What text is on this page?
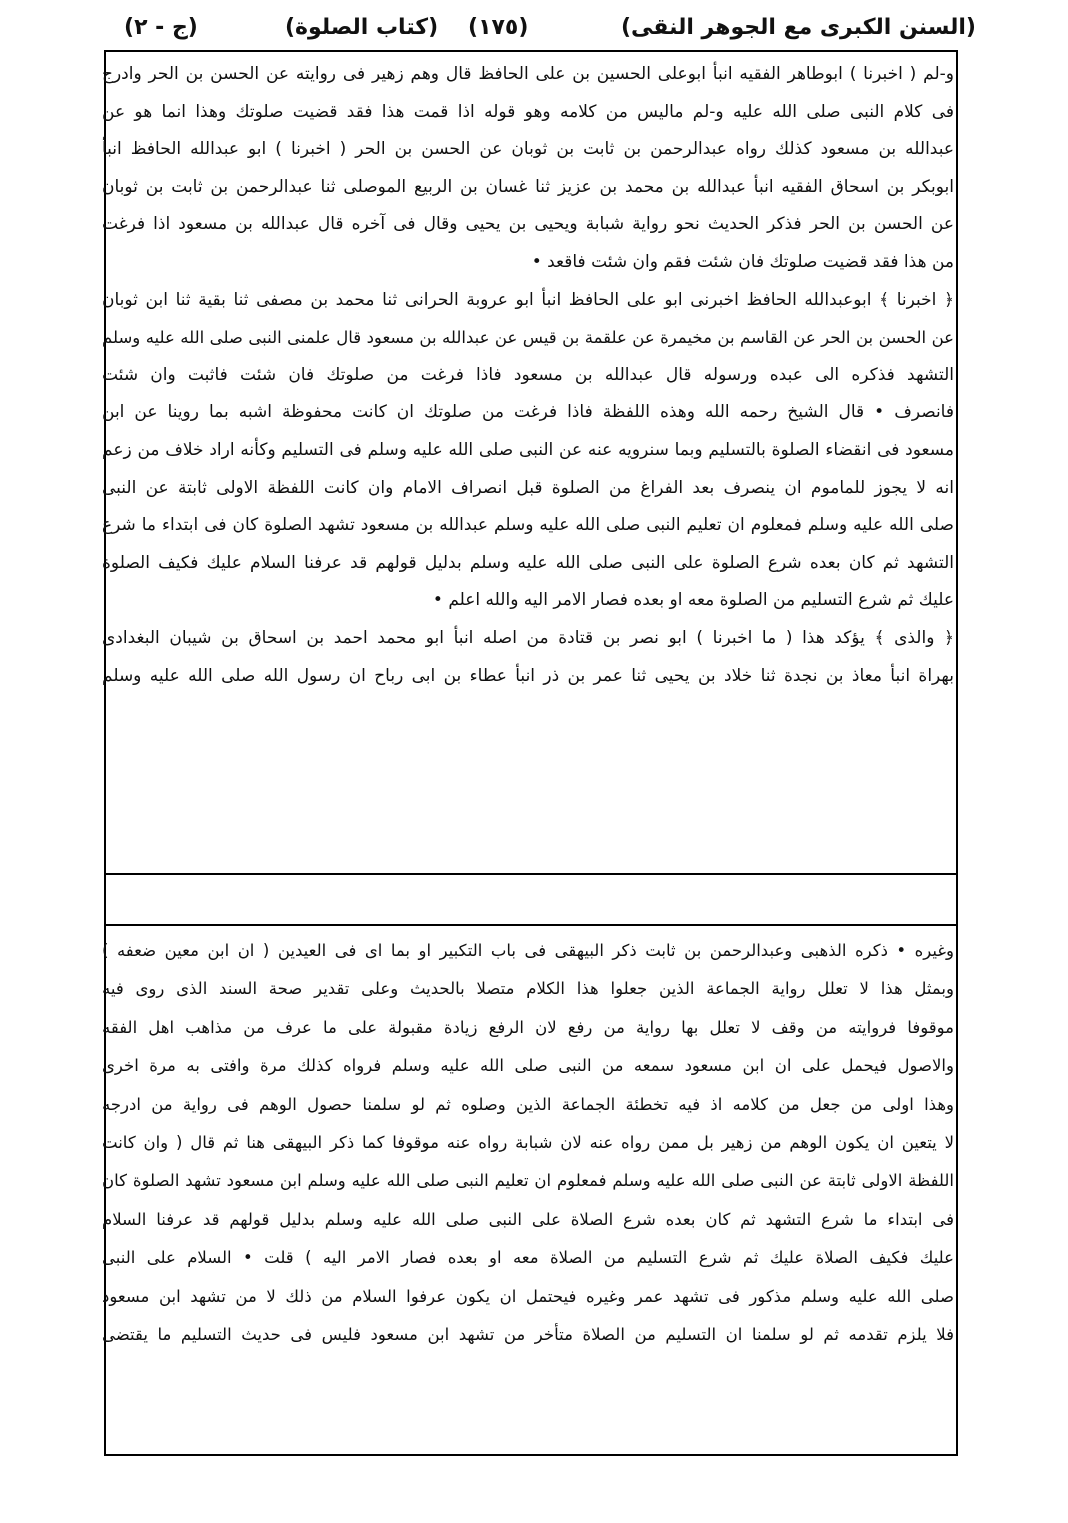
(السنن الكبرى مع الجوهر النقى)
(١٧٥)
(كتاب الصلوة)
(ج - ٢)
و-لم ( اخبرنا ) ابوطاهر الفقيه انبأ ابوعلى الحسين بن على الحافظ قال وهم زهير فى روايته عن الحسن بن الحر وادرج
فى كلام النبى صلى الله عليه و-لم ماليس من كلامه وهو قوله اذا قمت هذا فقد قضيت صلوتك وهذا انما هو عن
عبدالله بن مسعود كذلك رواه عبدالرحمن بن ثابت بن ثوبان عن الحسن بن الحر ( اخبرنا ) ابو عبدالله الحافظ انبأ
ابوبكر بن اسحاق الفقيه انبأ عبدالله بن محمد بن عزيز ثنا غسان بن الربيع الموصلى ثنا عبدالرحمن بن ثابت بن ثوبان
عن الحسن بن الحر فذكر الحديث نحو رواية شبابة ويحيى بن يحيى وقال فى آخره قال عبدالله بن مسعود اذا فرغت
من هذا فقد قضيت صلوتك فان شئت فقم وان شئت فاقعد •
﴿ اخبرنا ﴾ ابوعبدالله الحافظ اخبرنى ابو على الحافظ انبأ ابو عروبة الحرانى ثنا محمد بن مصفى ثنا بقية ثنا ابن ثوبان
عن الحسن بن الحر عن القاسم بن مخيمرة عن علقمة بن قيس عن عبدالله بن مسعود قال علمنى النبى صلى الله عليه وسلم
التشهد فذكره الى عبده ورسوله قال عبدالله بن مسعود فاذا فرغت من صلوتك فان شئت فاثبت وان شئت
فانصرف • قال الشيخ رحمه الله وهذه اللفظة فاذا فرغت من صلوتك ان كانت محفوظة اشبه بما روينا عن ابن
مسعود فى انقضاء الصلوة بالتسليم وبما سنرويه عنه عن النبى صلى الله عليه وسلم فى التسليم وكأنه اراد خلاف من زعم
انه لا يجوز للماموم ان ينصرف بعد الفراغ من الصلوة قبل انصراف الامام وان كانت اللفظة الاولى ثابتة عن النبى
صلى الله عليه وسلم فمعلوم ان تعليم النبى صلى الله عليه وسلم عبدالله بن مسعود تشهد الصلوة كان فى ابتداء ما شرع
التشهد ثم كان بعده شرع الصلوة على النبى صلى الله عليه وسلم بدليل قولهم قد عرفنا السلام عليك فكيف الصلوة
عليك ثم شرع التسليم من الصلوة معه او بعده فصار الامر اليه والله اعلم •
﴿ والذى ﴾ يؤكد هذا ( ما اخبرنا ) ابو نصر بن قتادة من اصله انبأ ابو محمد احمد بن اسحاق بن شيبان البغدادى
بهراة انبأ معاذ بن نجدة ثنا خلاد بن يحيى ثنا عمر بن ذر انبأ عطاء بن ابى رباح ان رسول الله صلى الله عليه وسلم
وغيره • ذكره الذهبى وعبدالرحمن بن ثابت ذكر البيهقى فى باب التكبير او بما اى فى العيدين ( ان ابن معين ضعفه )
وبمثل هذا لا تعلل رواية الجماعة الذين جعلوا هذا الكلام متصلا بالحديث وعلى تقدير صحة السند الذى روى فيه
موقوفا فروايته من وقف لا تعلل بها رواية من رفع لان الرفع زيادة مقبولة على ما عرف من مذاهب اهل الفقه
والاصول فيحمل على ان ابن مسعود سمعه من النبى صلى الله عليه وسلم فرواه كذلك مرة وافتى به مرة اخرى
وهذا اولى من جعل من كلامه اذ فيه تخطئة الجماعة الذين وصلوه ثم لو سلمنا حصول الوهم فى رواية من ادرجه
لا يتعين ان يكون الوهم من زهير بل ممن رواه عنه لان شبابة رواه عنه موقوفا كما ذكر البيهقى هنا ثم قال ( وان كانت
اللفظة الاولى ثابتة عن النبى صلى الله عليه وسلم فمعلوم ان تعليم النبى صلى الله عليه وسلم ابن مسعود تشهد الصلوة كان
فى ابتداء ما شرع التشهد ثم كان بعده شرع الصلاة على النبى صلى الله عليه وسلم بدليل قولهم قد عرفنا السلام
عليك فكيف الصلاة عليك ثم شرع التسليم من الصلاة معه او بعده فصار الامر اليه ) قلت • السلام على النبى
صلى الله عليه وسلم مذكور فى تشهد عمر وغيره فيحتمل ان يكون عرفوا السلام من ذلك لا من تشهد ابن مسعود
فلا يلزم تقدمه ثم لو سلمنا ان التسليم من الصلاة متأخر من تشهد ابن مسعود فليس فى حديث التسليم ما يقتضى
